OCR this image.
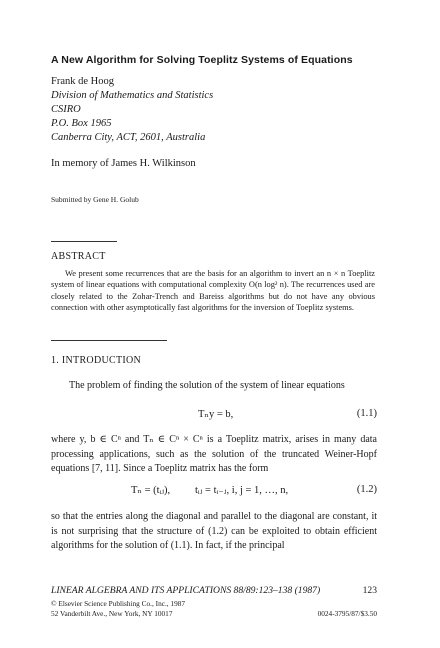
A New Algorithm for Solving Toeplitz Systems of Equations
Frank de Hoog
Division of Mathematics and Statistics
CSIRO
P.O. Box 1965
Canberra City, ACT, 2601, Australia
In memory of James H. Wilkinson
Submitted by Gene H. Golub
ABSTRACT
We present some recurrences that are the basis for an algorithm to invert an n × n Toeplitz system of linear equations with computational complexity O(n log² n). The recurrences used are closely related to the Zohar-Trench and Bareiss algorithms but do not have any obvious connection with other asymptotically fast algorithms for the inversion of Toeplitz systems.
1. INTRODUCTION
The problem of finding the solution of the system of linear equations
Tₙy = b,	(1.1)
where y, b ∈ Cⁿ and Tₙ ∈ Cⁿ × Cⁿ is a Toeplitz matrix, arises in many data processing applications, such as the solution of the truncated Weiner-Hopf equations [7, 11]. Since a Toeplitz matrix has the form
Tₙ = (tᵢⱼ), tᵢⱼ = tᵢ₋ⱼ, i, j = 1, …, n,	(1.2)
so that the entries along the diagonal and parallel to the diagonal are constant, it is not surprising that the structure of (1.2) can be exploited to obtain efficient algorithms for the solution of (1.1). In fact, if the principal
LINEAR ALGEBRA AND ITS APPLICATIONS 88/89:123–138 (1987)	123
© Elsevier Science Publishing Co., Inc., 1987
52 Vanderbilt Ave., New York, NY 10017	0024-3795/87/$3.50
